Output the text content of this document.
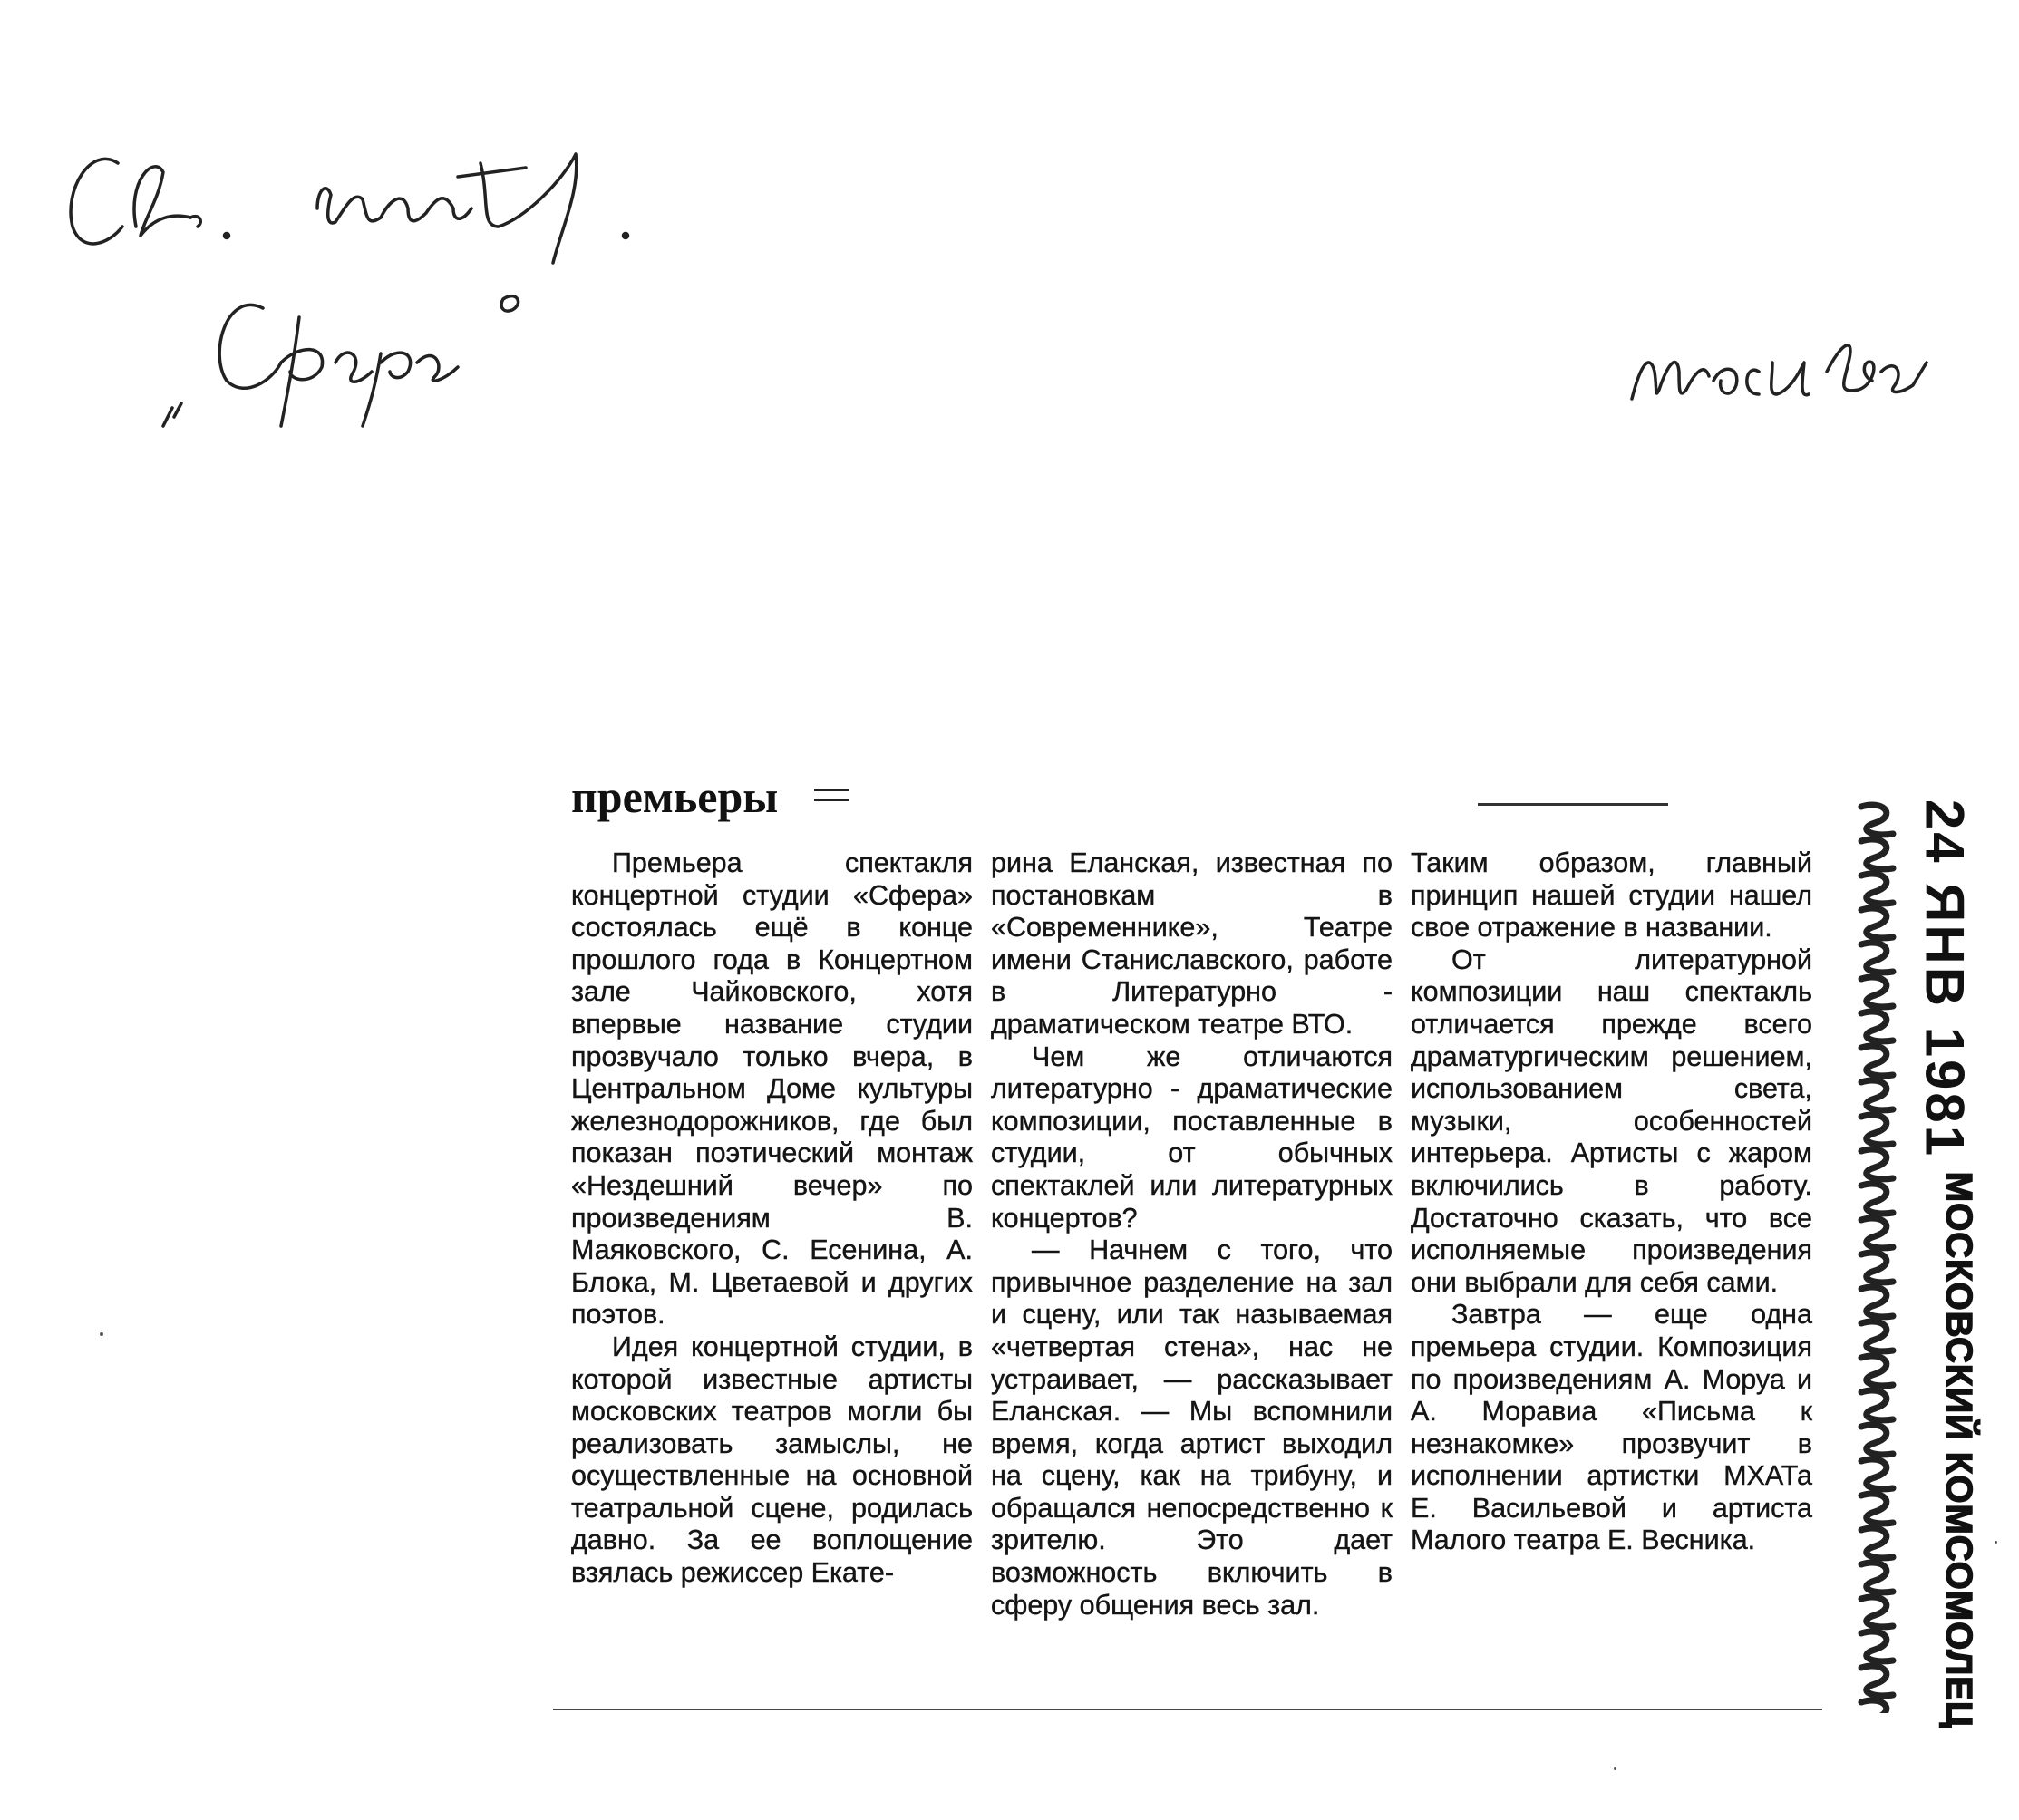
премьеры

Премьера спектакля концертной студии «Сфера» состоялась ещё в конце прошлого года в Концертном зале Чайковского, хотя впервые название студии прозвучало только вчера, в Центральном Доме культуры железнодорожников, где был показан поэтический монтаж «Нездешний вечер» по произведениям В. Маяковского, С. Есенина, А. Блока, М. Цветаевой и других поэтов.

Идея концертной студии, в которой известные артисты московских театров могли бы реализовать замыслы, не осуществленные на основной театральной сцене, родилась давно. За ее воплощение взялась режиссер Екате-

рина Еланская, известная по постановкам в «Современнике», Театре имени Станиславского, работе в Литературно - драматическом театре ВТО.

Чем же отличаются литературно - драматические композиции, поставленные в студии, от обычных спектаклей или литературных концертов?

— Начнем с того, что привычное разделение на зал и сцену, или так называемая «четвертая стена», нас не устраивает, — рассказывает Еланская. — Мы вспомнили время, когда артист выходил на сцену, как на трибуну, и обращался непосредственно к зрителю. Это дает возможность включить в сферу общения весь зал.

Таким образом, главный принцип нашей студии нашел свое отражение в названии.

От литературной композиции наш спектакль отличается прежде всего драматургическим решением, использованием света, музыки, особенностей интерьера. Артисты с жаром включились в работу. Достаточно сказать, что все исполняемые произведения они выбрали для себя сами.

Завтра — еще одна премьера студии. Композиция по произведениям А. Моруа и А. Моравиа «Письма к незнакомке» прозвучит в исполнении артистки МХАТа Е. Васильевой и артиста Малого театра Е. Весника.

24 ЯНВ 1981
МОСКОВСКИЙ КОМСОМОЛЕЦ
